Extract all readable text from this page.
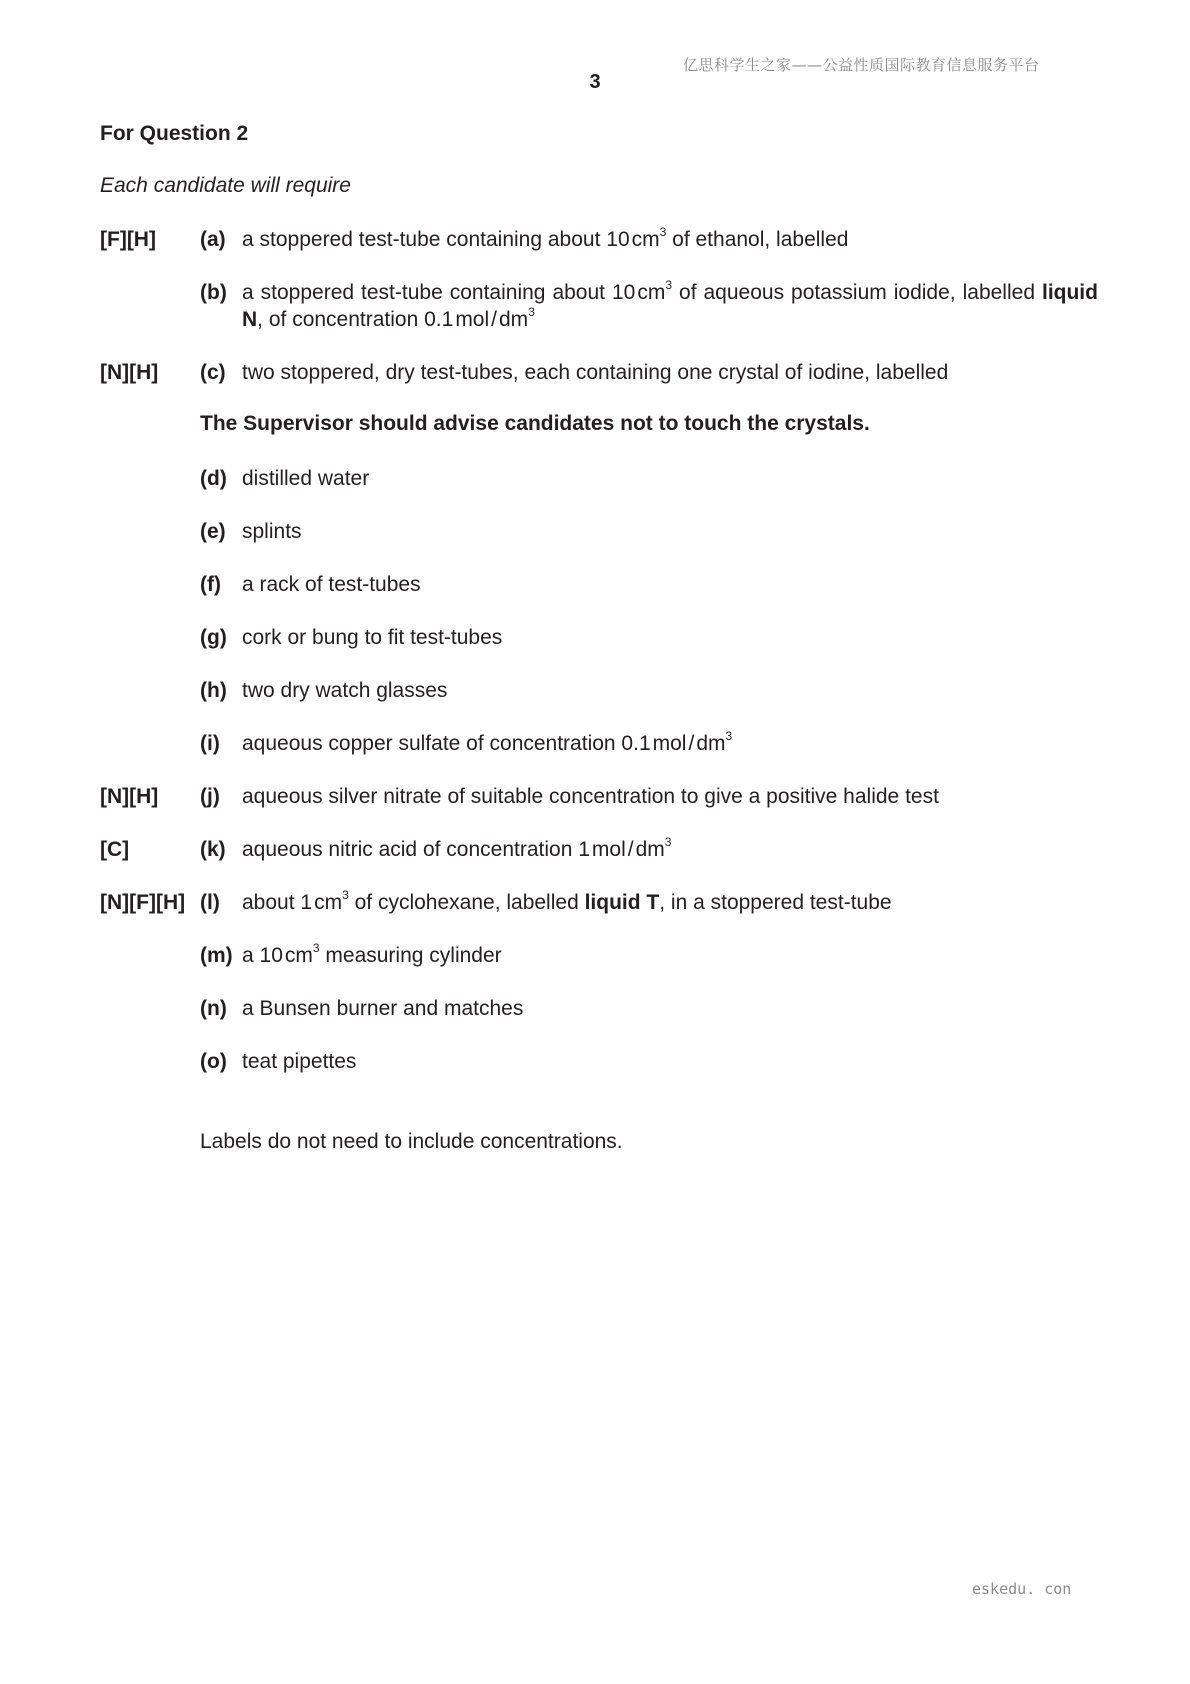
亿思科学生之家——公益性质国际教育信息服务平台
3
For Question 2
Each candidate will require
[F][H] (a) a stoppered test-tube containing about $10cm^3$ of ethanol, labelled
(b) a stoppered test-tube containing about $10cm^3$ of aqueous potassium iodide, labelled liquid N, of concentration $0.1mol/dm^3$
[N][H] (c) two stoppered, dry test-tubes, each containing one crystal of iodine, labelled
(d) distilled water
(e) splints
(f) a rack of test-tubes
(g) cork or bung to fit test-tubes
(h) two dry watch glasses
(i) aqueous copper sulfate of concentration $0.1mol/dm^3$
[N][H] (j) aqueous silver nitrate of suitable concentration to give a positive halide test
[C]	(k) aqueous nitric acid of concentration $1mol/dm^3$
[N][F][H] (l) about $1cm^3$ of cyclohexane, labelled liquid T, in a stoppered test-tube
(m) a $10cm^3$ measuring cylinder
(n) a Bunsen burner and matches
(o) teat pipettes
The Supervisor should advise candidates not to touch the crystals.
Labels do not need to include concentrations.
eskedu. con
